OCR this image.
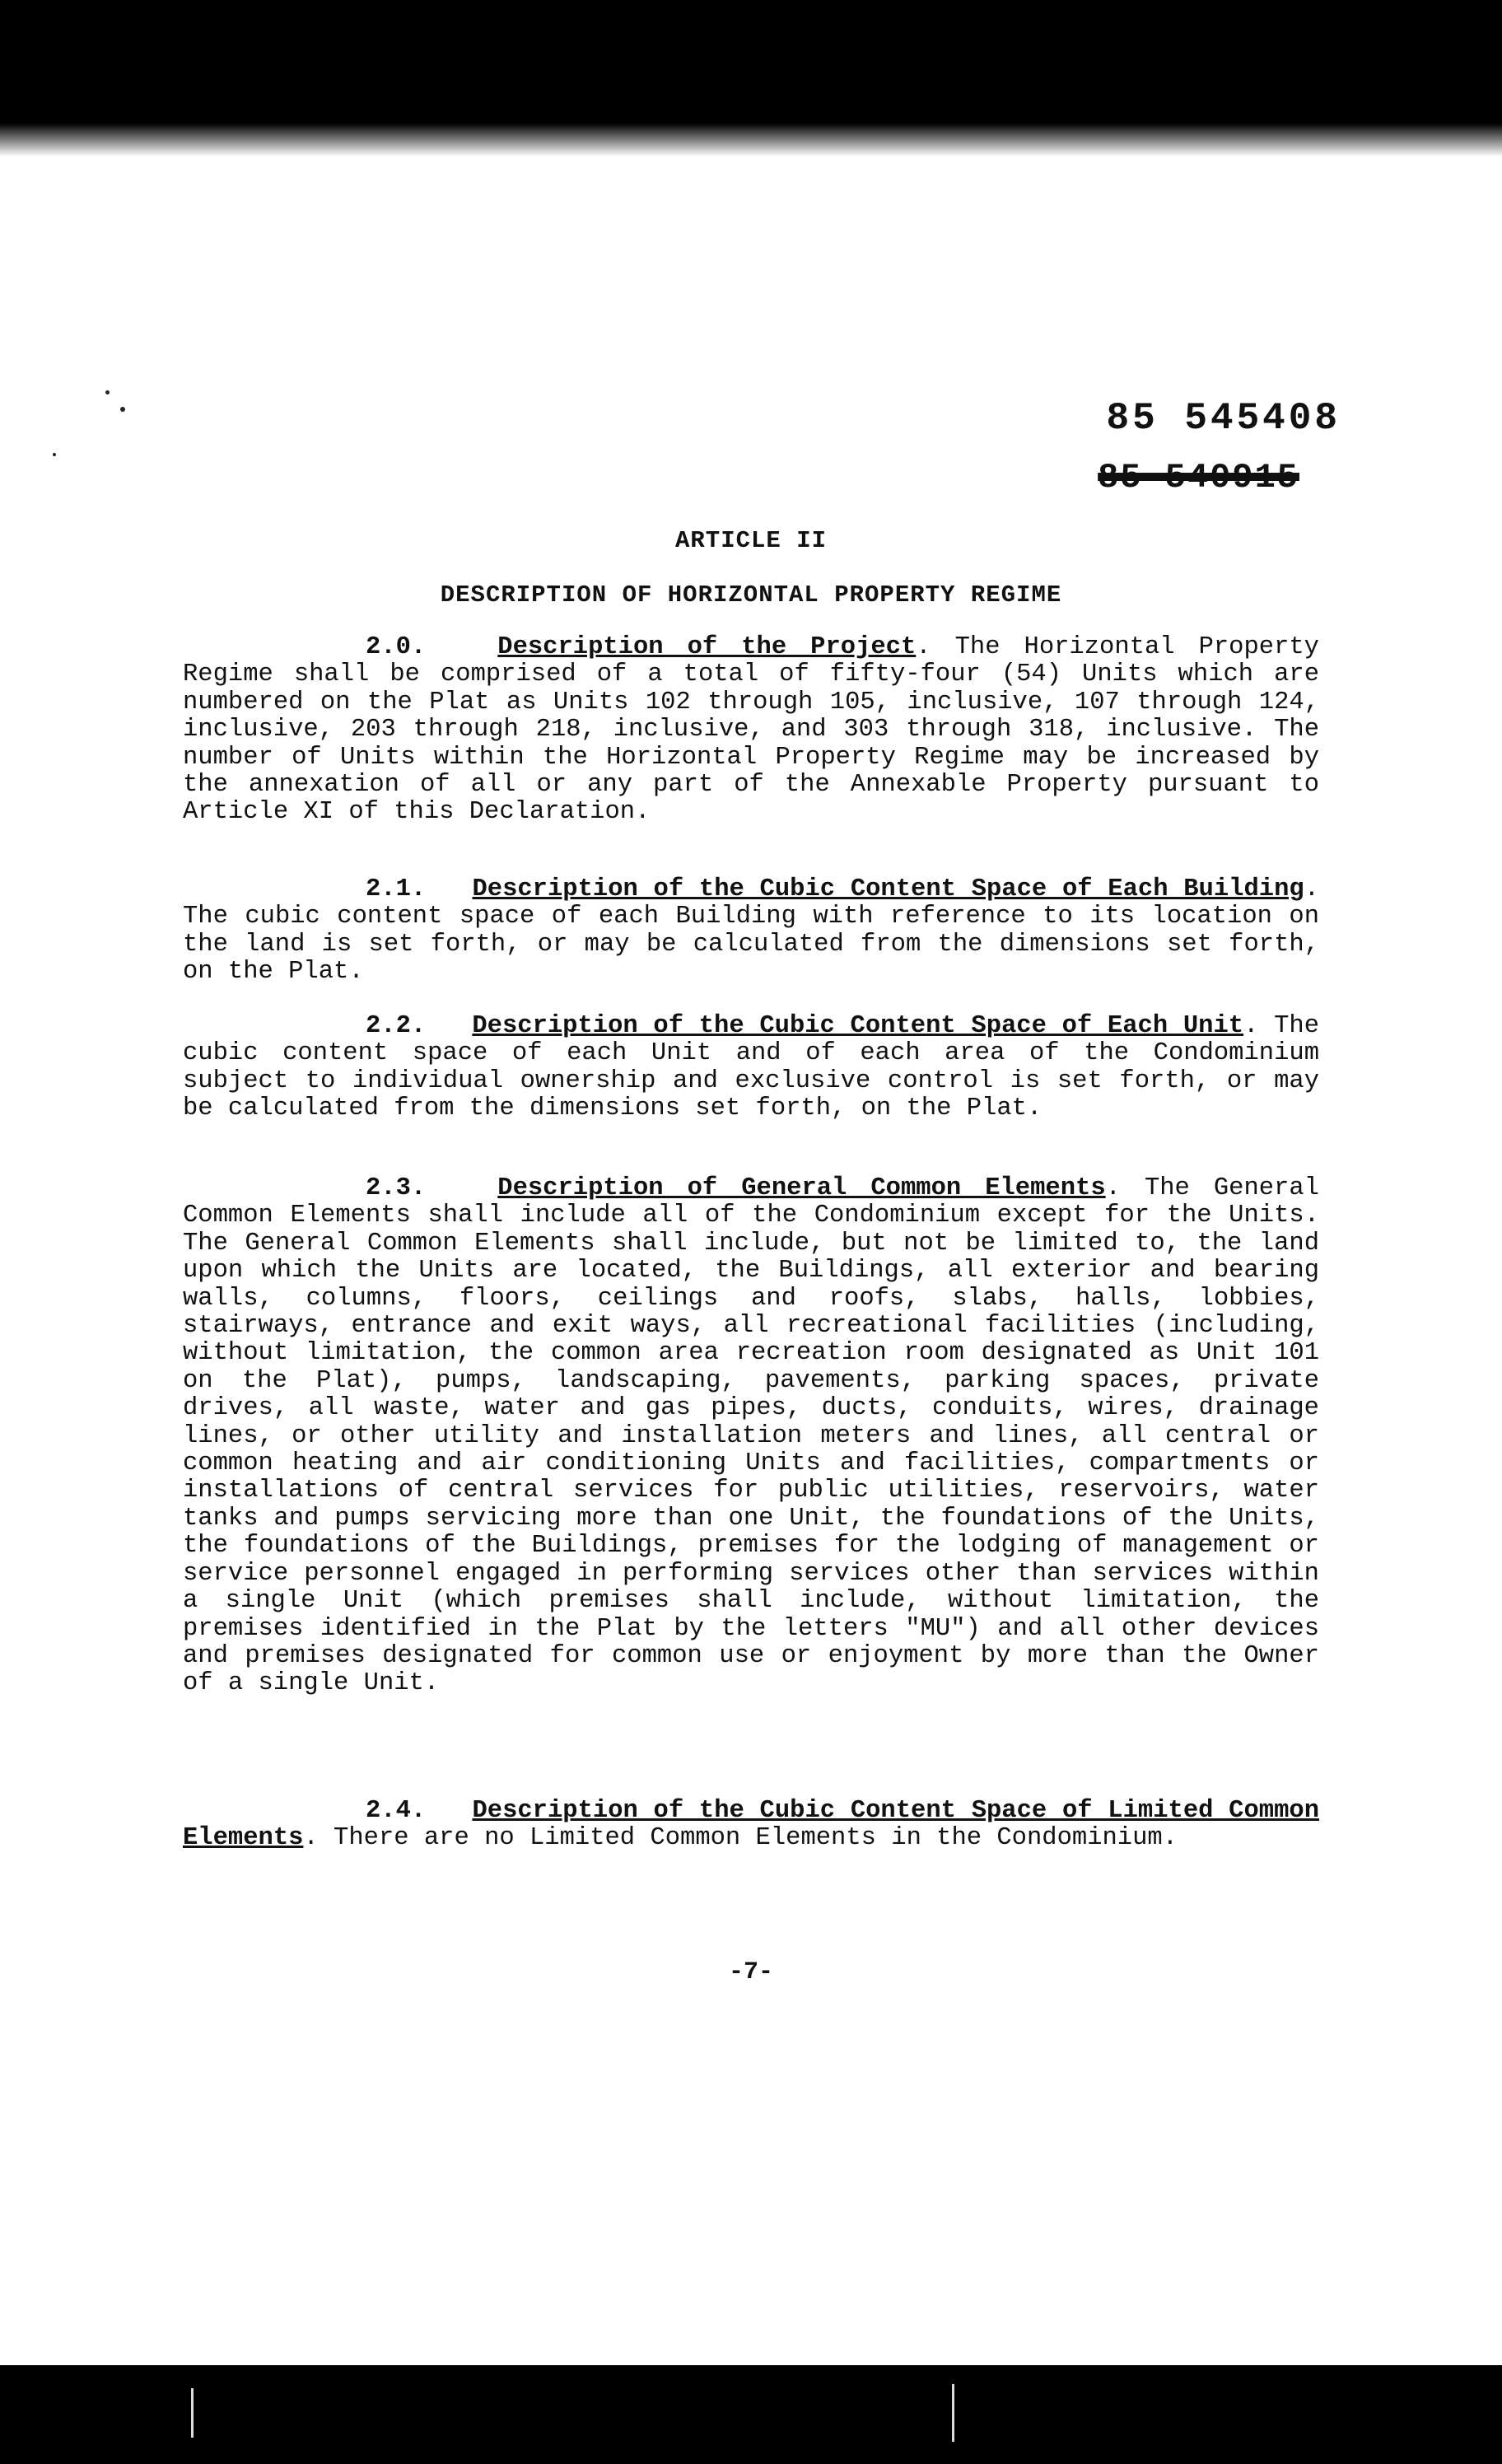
85 545408
85 540915
ARTICLE II
DESCRIPTION OF HORIZONTAL PROPERTY REGIME
2.0.	Description of the Project. The Horizontal Property Regime shall be comprised of a total of fifty-four (54) Units which are numbered on the Plat as Units 102 through 105, inclusive, 107 through 124, inclusive, 203 through 218, inclusive, and 303 through 318, inclusive. The number of Units within the Horizontal Property Regime may be increased by the annexation of all or any part of the Annexable Property pursuant to Article XI of this Declaration.
2.1. Description of the Cubic Content Space of Each Building. The cubic content space of each Building with reference to its location on the land is set forth, or may be calculated from the dimensions set forth, on the Plat.
2.2. Description of the Cubic Content Space of Each Unit. The cubic content space of each Unit and of each area of the Condominium subject to individual ownership and exclusive control is set forth, or may be calculated from the dimensions set forth, on the Plat.
2.3.	Description of General Common Elements. The General Common Elements shall include all of the Condominium except for the Units. The General Common Elements shall include, but not be limited to, the land upon which the Units are located, the Buildings, all exterior and bearing walls, columns, floors, ceilings and roofs, slabs, halls, lobbies, stairways, entrance and exit ways, all recreational facilities (including, without limitation, the common area recreation room designated as Unit 101 on the Plat), pumps, landscaping, pavements, parking spaces, private drives, all waste, water and gas pipes, ducts, conduits, wires, drainage lines, or other utility and installation meters and lines, all central or common heating and air conditioning Units and facilities, compartments or installations of central services for public utilities, reservoirs, water tanks and pumps servicing more than one Unit, the foundations of the Units, the foundations of the Buildings, premises for the lodging of management or service personnel engaged in performing services other than services within a single Unit (which premises shall include, without limitation, the premises identified in the Plat by the letters "MU") and all other devices and premises designated for common use or enjoyment by more than the Owner of a single Unit.
2.4. Description of the Cubic Content Space of Limited Common Elements. There are no Limited Common Elements in the Condominium.
-7-
